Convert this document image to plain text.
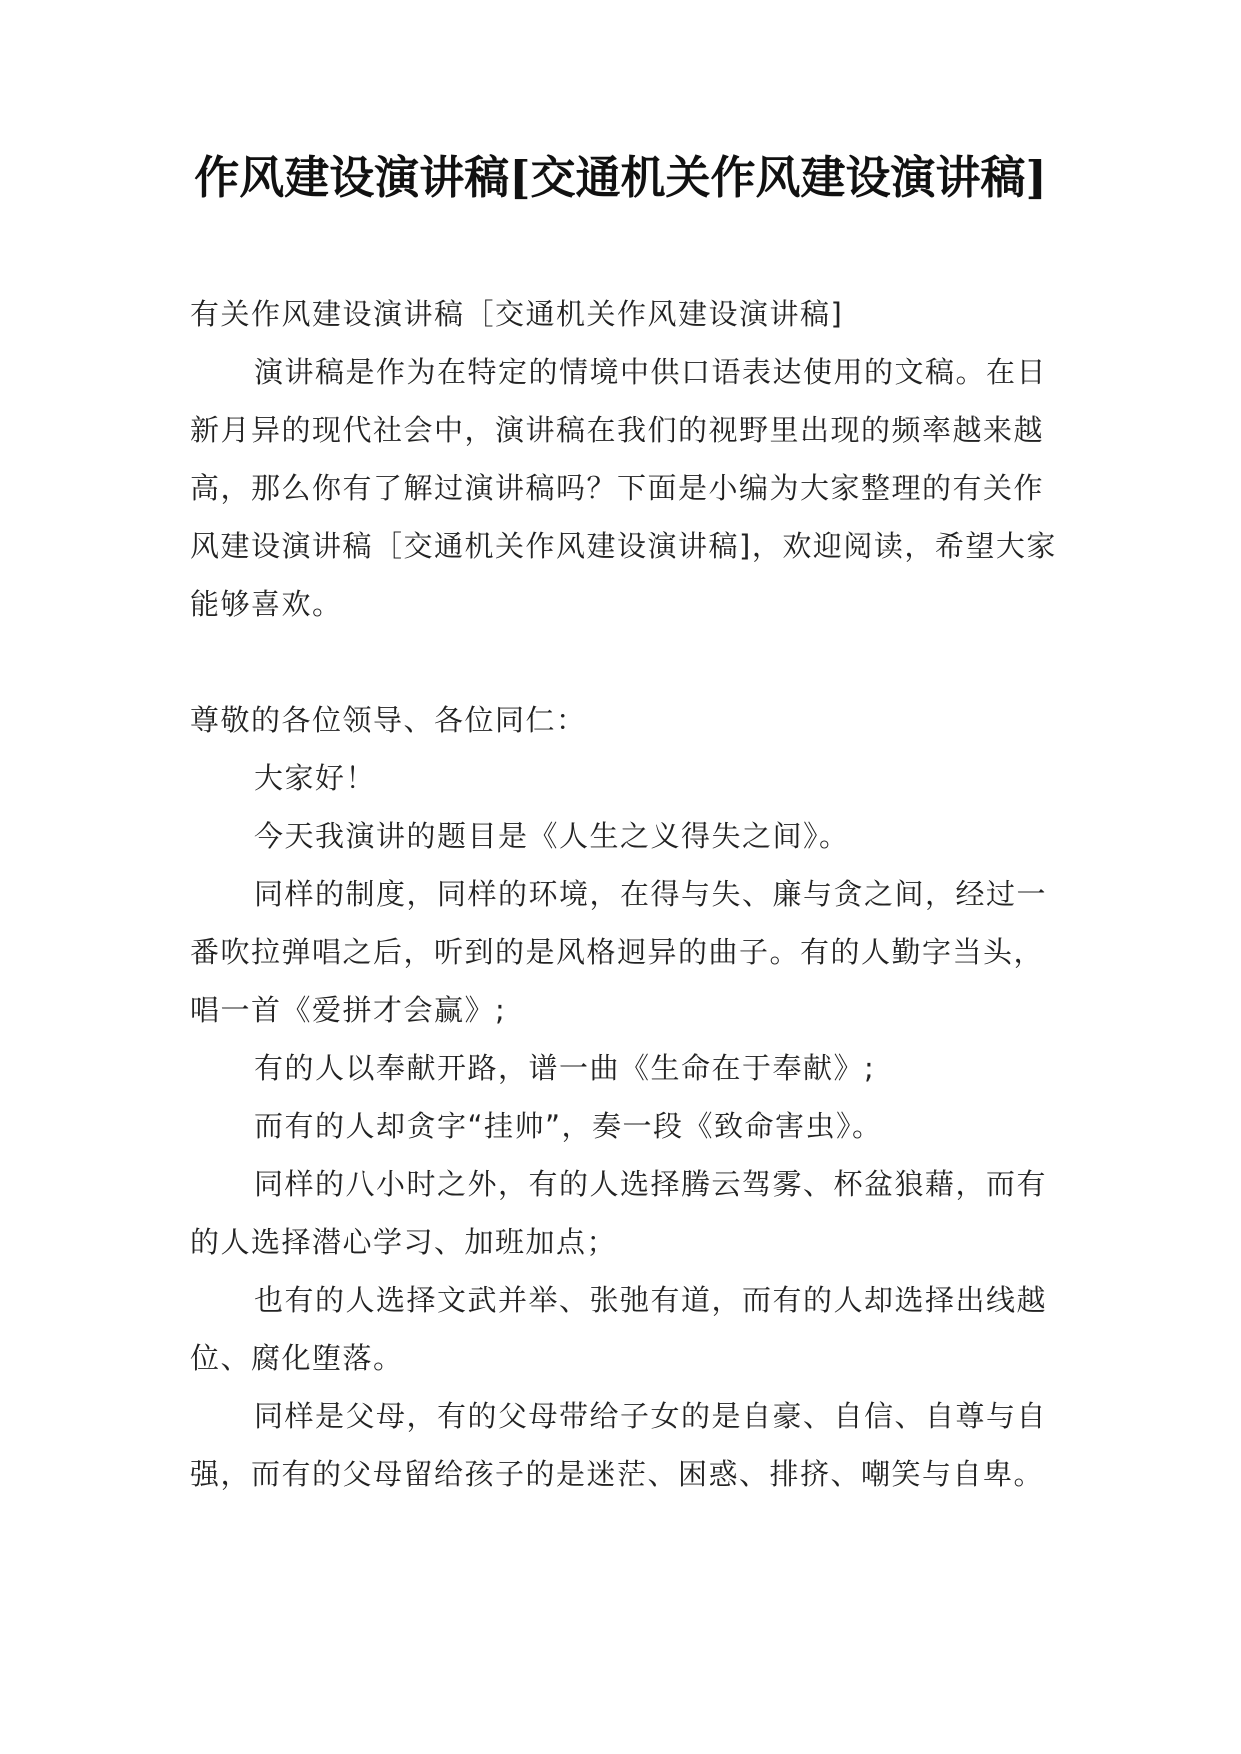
作风建设演讲稿[交通机关作风建设演讲稿]

有关作风建设演讲稿［交通机关作风建设演讲稿]

演讲稿是作为在特定的情境中供口语表达使用的文稿。在日新月异的现代社会中，演讲稿在我们的视野里出现的频率越来越高，那么你有了解过演讲稿吗？下面是小编为大家整理的有关作风建设演讲稿［交通机关作风建设演讲稿]，欢迎阅读，希望大家能够喜欢。

尊敬的各位领导、各位同仁：

大家好！

今天我演讲的题目是《人生之义得失之间》。

同样的制度，同样的环境，在得与失、廉与贪之间，经过一番吹拉弹唱之后，听到的是风格迥异的曲子。有的人勤字当头，唱一首《爱拼才会赢》;

有的人以奉献开路，谱一曲《生命在于奉献》;

而有的人却贪字“挂帅”，奏一段《致命害虫》。

同样的八小时之外，有的人选择腾云驾雾、杯盆狼藉，而有的人选择潜心学习、加班加点；

也有的人选择文武并举、张弛有道，而有的人却选择出线越位、腐化堕落。

同样是父母，有的父母带给子女的是自豪、自信、自尊与自强，而有的父母留给孩子的是迷茫、困惑、排挤、嘲笑与自卑。
